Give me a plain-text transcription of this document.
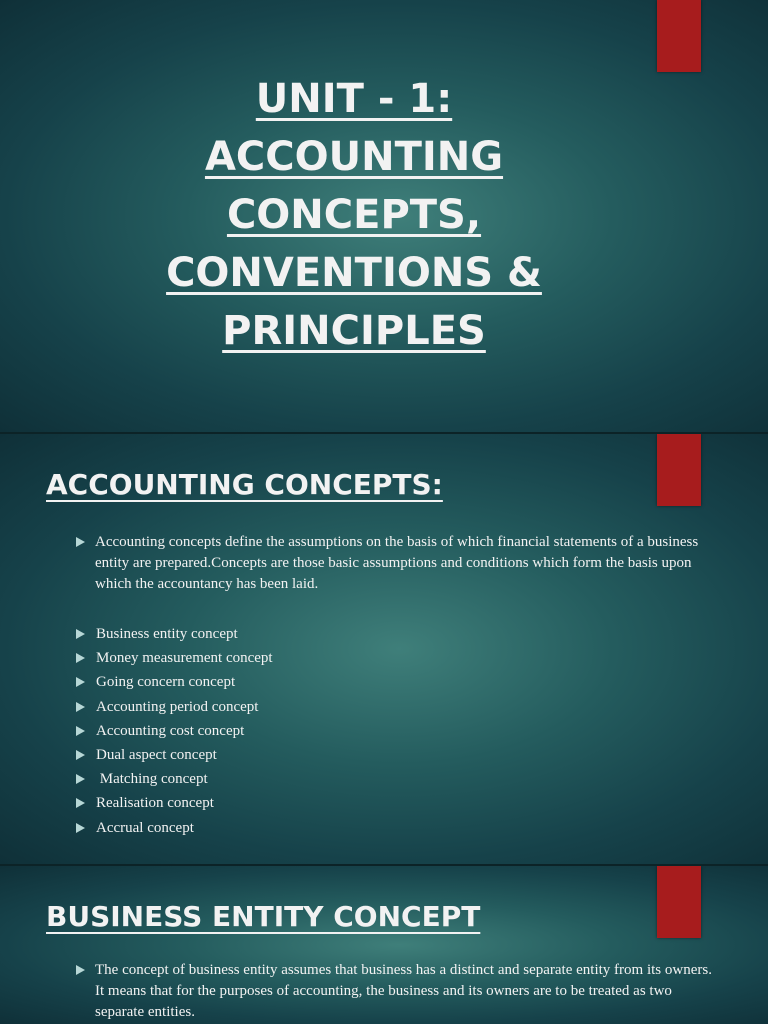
UNIT - 1:
ACCOUNTING
CONCEPTS,
CONVENTIONS &
PRINCIPLES
ACCOUNTING CONCEPTS:
Accounting concepts define the assumptions on the basis of which financial statements of a business entity are prepared.Concepts are those basic assumptions and conditions which form the basis upon which the accountancy has been laid.
Business entity concept
Money measurement concept
Going concern concept
Accounting period concept
Accounting cost concept
Dual aspect concept
Matching concept
Realisation concept
Accrual concept
BUSINESS ENTITY CONCEPT
The concept of business entity assumes that business has a distinct and separate entity from its owners. It means that for the purposes of accounting, the business and its owners are to be treated as two separate entities.
